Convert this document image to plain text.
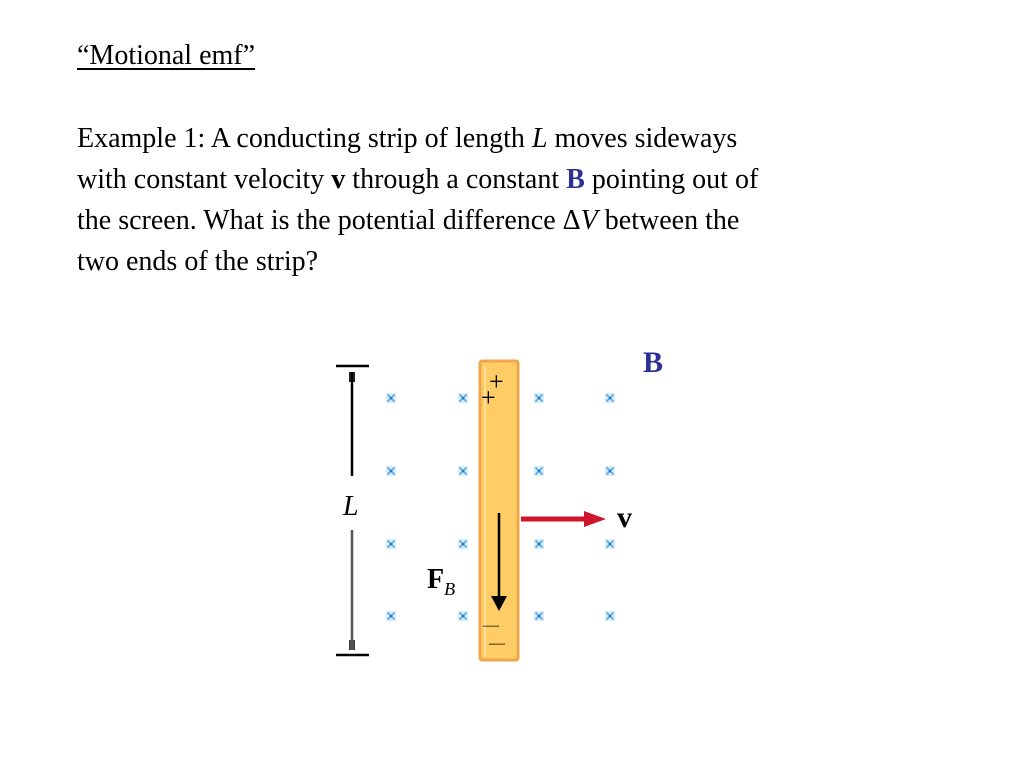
“Motional emf”
Example 1: A conducting strip of length L moves sideways
with constant velocity v through a constant B pointing out of
the screen. What is the potential difference ΔV between the
two ends of the strip?
L
+
+
—
—
B
v
FB
